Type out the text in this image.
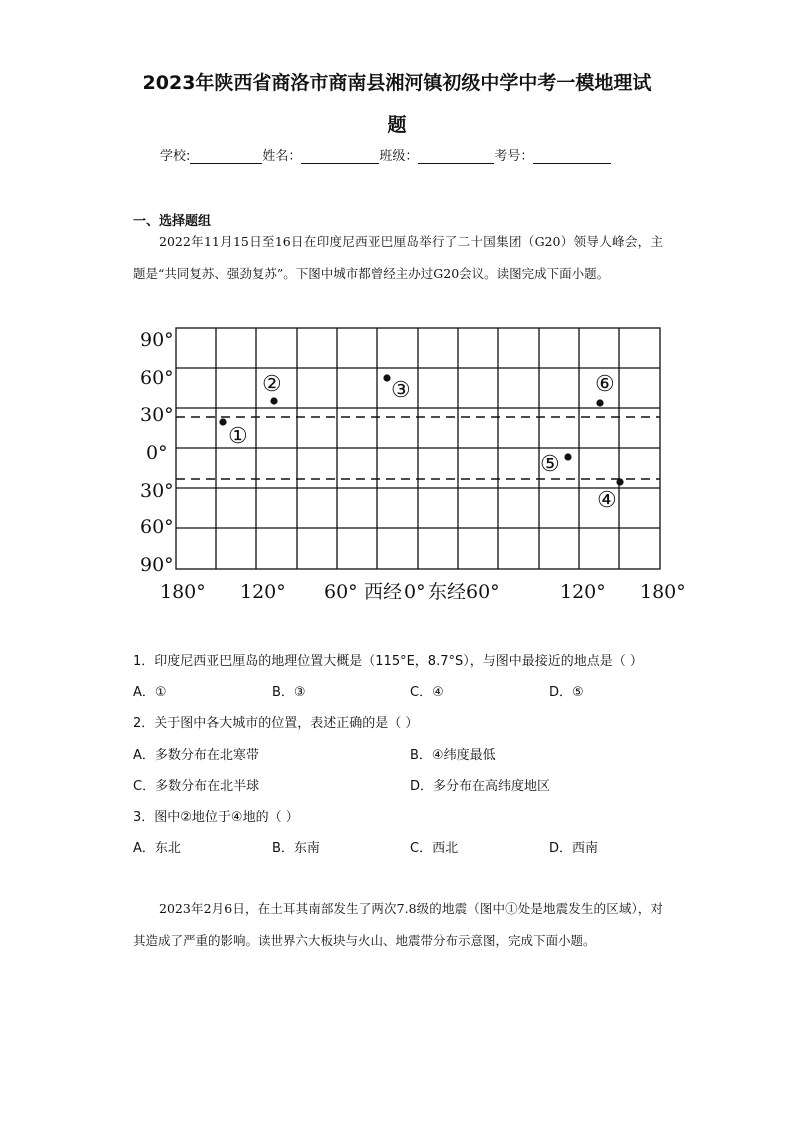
2023年陕西省商洛市商南县湘河镇初级中学中考一模地理试
题
学校:	姓名：	班级：	考号：
一、选择题组

2022年11月15日至16日在印度尼西亚巴厘岛举行了二十国集团（G20）领导人峰会，主题是“共同复苏、强劲复苏”。下图中城市都曾经主办过G20会议。读图完成下面小题。

90°
60°
30°
0°
30°
60°
90°
180° 120° 60° 西经 0° 东经 60°	120° 180°
①
②	③
④
⑤
⑥
1．印度尼西亚巴厘岛的地理位置大概是（115°E，8.7°S），与图中最接近的地点是（ ）
A．①	B．③	C．④	D．⑤
2．关于图中各大城市的位置，表述正确的是（ ）
A．多数分布在北寒带	B．④纬度最低
C．多数分布在北半球	D．多分布在高纬度地区
3．图中②地位于④地的（ ）
A．东北	B．东南	C．西北	D．西南

2023年2月6日，在土耳其南部发生了两次7.8级的地震（图中①处是地震发生的区域），对其造成了严重的影响。读世界六大板块与火山、地震带分布示意图，完成下面小题。
